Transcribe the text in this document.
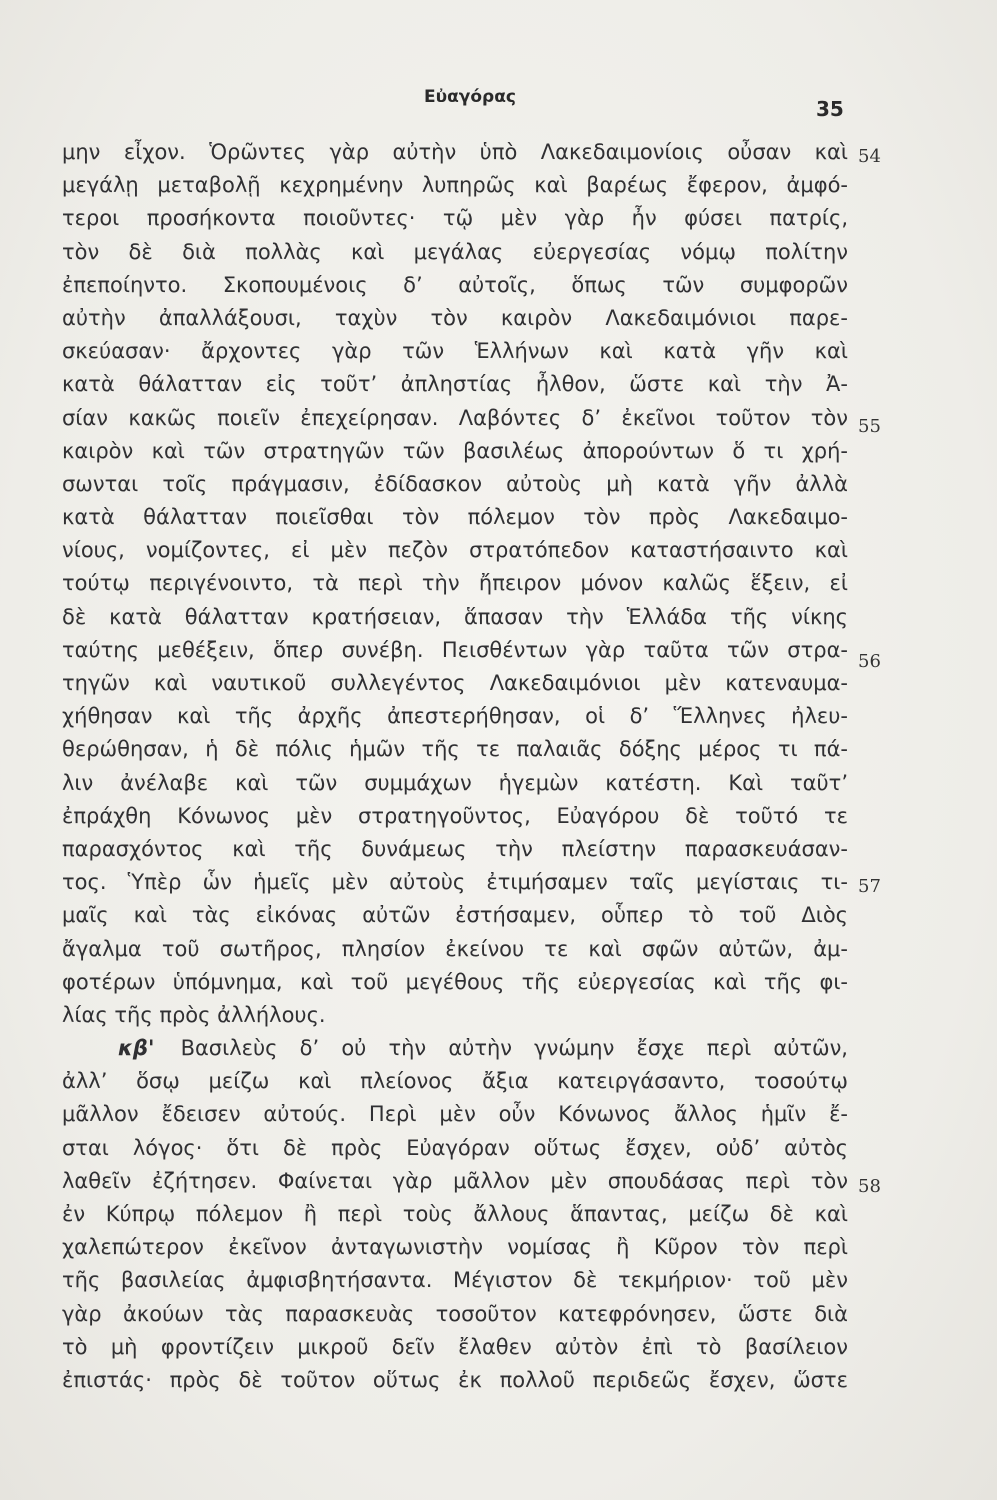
Εὐαγόρας	35
μην εἶχον. Ὁρῶντες γὰρ αὐτὴν ὑπὸ Λακεδαιμονίοις οὖσαν καὶ
μεγάλῃ μεταβολῇ κεχρημένην λυπηρῶς καὶ βαρέως ἔφερον, ἀμφό-
τεροι προσήκοντα ποιοῦντες· τῷ μὲν γὰρ ἦν φύσει πατρίς,
τὸν δὲ διὰ πολλὰς καὶ μεγάλας εὐεργεσίας νόμῳ πολίτην
ἐπεποίηντο. Σκοπουμένοις δ’ αὐτοῖς, ὅπως τῶν συμφορῶν
αὐτὴν ἀπαλλάξουσι, ταχὺν τὸν καιρὸν Λακεδαιμόνιοι παρε-
σκεύασαν· ἄρχοντες γὰρ τῶν Ἑλλήνων καὶ κατὰ γῆν καὶ
κατὰ θάλατταν εἰς τοῦτ’ ἀπληστίας ἦλθον, ὥστε καὶ τὴν Ἀ-
σίαν κακῶς ποιεῖν ἐπεχείρησαν. Λαβόντες δ’ ἐκεῖνοι τοῦτον τὸν
καιρὸν καὶ τῶν στρατηγῶν τῶν βασιλέως ἀπορούντων ὅ τι χρή-
σωνται τοῖς πράγμασιν, ἐδίδασκον αὐτοὺς μὴ κατὰ γῆν ἀλλὰ
κατὰ θάλατταν ποιεῖσθαι τὸν πόλεμον τὸν πρὸς Λακεδαιμο-
νίους, νομίζοντες, εἰ μὲν πεζὸν στρατόπεδον καταστήσαιντο καὶ
τούτῳ περιγένοιντο, τὰ περὶ τὴν ἤπειρον μόνον καλῶς ἕξειν, εἰ
δὲ κατὰ θάλατταν κρατήσειαν, ἅπασαν τὴν Ἑλλάδα τῆς νίκης
ταύτης μεθέξειν, ὅπερ συνέβη. Πεισθέντων γὰρ ταῦτα τῶν στρα-
τηγῶν καὶ ναυτικοῦ συλλεγέντος Λακεδαιμόνιοι μὲν κατεναυμα-
χήθησαν καὶ τῆς ἀρχῆς ἀπεστερήθησαν, οἱ δ’ Ἕλληνες ἠλευ-
θερώθησαν, ἡ δὲ πόλις ἡμῶν τῆς τε παλαιᾶς δόξης μέρος τι πά-
λιν ἀνέλαβε καὶ τῶν συμμάχων ἡγεμὼν κατέστη. Καὶ ταῦτ’
ἐπράχθη Κόνωνος μὲν στρατηγοῦντος, Εὐαγόρου δὲ τοῦτό τε
παρασχόντος καὶ τῆς δυνάμεως τὴν πλείστην παρασκευάσαν-
τος. Ὑπὲρ ὧν ἡμεῖς μὲν αὐτοὺς ἐτιμήσαμεν ταῖς μεγίσταις τι-
μαῖς καὶ τὰς εἰκόνας αὐτῶν ἐστήσαμεν, οὗπερ τὸ τοῦ Διὸς
ἄγαλμα τοῦ σωτῆρος, πλησίον ἐκείνου τε καὶ σφῶν αὐτῶν, ἀμ-
φοτέρων ὑπόμνημα, καὶ τοῦ μεγέθους τῆς εὐεργεσίας καὶ τῆς φι-
λίας τῆς πρὸς ἀλλήλους.
κβ' Βασιλεὺς δ’ οὐ τὴν αὐτὴν γνώμην ἔσχε περὶ αὐτῶν,
ἀλλ’ ὅσῳ μείζω καὶ πλείονος ἄξια κατειργάσαντο, τοσούτῳ
μᾶλλον ἔδεισεν αὐτούς. Περὶ μὲν οὖν Κόνωνος ἄλλος ἡμῖν ἔ-
σται λόγος· ὅτι δὲ πρὸς Εὐαγόραν οὕτως ἔσχεν, οὐδ’ αὐτὸς
λαθεῖν ἐζήτησεν. Φαίνεται γὰρ μᾶλλον μὲν σπουδάσας περὶ τὸν
ἐν Κύπρῳ πόλεμον ἢ περὶ τοὺς ἄλλους ἅπαντας, μείζω δὲ καὶ
χαλεπώτερον ἐκεῖνον ἀνταγωνιστὴν νομίσας ἢ Κῦρον τὸν περὶ
τῆς βασιλείας ἀμφισβητήσαντα. Μέγιστον δὲ τεκμήριον· τοῦ μὲν
γὰρ ἀκούων τὰς παρασκευὰς τοσοῦτον κατεφρόνησεν, ὥστε διὰ
τὸ μὴ φροντίζειν μικροῦ δεῖν ἔλαθεν αὐτὸν ἐπὶ τὸ βασίλειον
ἐπιστάς· πρὸς δὲ τοῦτον οὕτως ἐκ πολλοῦ περιδεῶς ἔσχεν, ὥστε
54
55
56
57
58
